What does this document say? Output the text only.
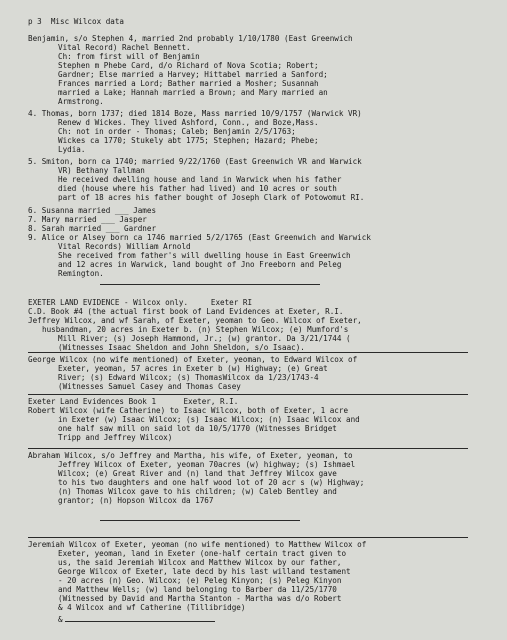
p 3  Misc Wilcox data
Benjamin, s/o Stephen 4, married 2nd probably 1/10/1780 (East Greenwich
Vital Record) Rachel Bennett.
Ch: from first will of Benjamin
Stephen m Phebe Card, d/o Richard of Nova Scotia; Robert;
Gardner; Else married a Harvey; Hittabel married a Sanford;
Frances married a Lord; Bather married a Mosher; Susannah
married a Lake; Hannah married a Brown; and Mary married an
Armstrong.
4. Thomas, born 1737; died 1814 Boze, Mass married 10/9/1757 (Warwick VR)
Renew d Wickes. They lived Ashford, Conn., and Boze,Mass.
Ch: not in order - Thomas; Caleb; Benjamin 2/5/1763;
Wickes ca 1770; Stukely abt 1775; Stephen; Hazard; Phebe;
Lydia.
5. Smiton, born ca 1740; married 9/22/1760 (East Greenwich VR and Warwick
VR) Bethany Tallman
He received dwelling house and land in Warwick when his father
died (house where his father had lived) and 10 acres or south
part of 18 acres his father bought of Joseph Clark of Potowomut RI.
6. Susanna married ___ James
7. Mary married ___ Jasper
8. Sarah married ___ Gardner
9. Alice or Alsey born ca 1746 married 5/2/1765 (East Greenwich and Warwick
Vital Records) William Arnold
She received from father's will dwelling house in East Greenwich
and 12 acres in Warwick, land bought of Jno Freeborn and Peleg
Remington.
EXETER LAND EVIDENCE - Wilcox only.     Exeter RI
C.D. Book #4 (the actual first book of Land Evidences at Exeter, R.I.
Jeffrey Wilcox, and wf Sarah, of Exeter, yeoman to Geo. Wilcox of Exeter,
husbandman, 20 acres in Exeter b. (n) Stephen Wilcox; (e) Mumford's
Mill River; (s) Joseph Hammond, Jr.; (w) grantor. Da 3/21/1744 (
(Witnesses Isaac Sheldon and John Sheldon, s/o Isaac).
George Wilcox (no wife mentioned) of Exeter, yeoman, to Edward Wilcox of
Exeter, yeoman, 57 acres in Exeter b (w) Highway; (e) Great
River; (s) Edward Wilcox; (s) ThomasWilcox da 1/23/1743-4
(Witnesses Samuel Casey and Thomas Casey
Exeter Land Evidences Book 1      Exeter, R.I.
Robert Wilcox (wife Catherine) to Isaac Wilcox, both of Exeter, 1 acre
in Exeter (w) Isaac Wilcox; (s) Isaac Wilcox; (n) Isaac Wilcox and
one half saw mill on said lot da 10/5/1770 (Witnesses Bridget
Tripp and Jeffrey Wilcox)
Abraham Wilcox, s/o Jeffrey and Martha, his wife, of Exeter, yeoman, to
Jeffrey Wilcox of Exeter, yeoman 70acres (w) highway; (s) Ishmael
Wilcox; (e) Great River and (n) land that Jeffrey Wilcox gave
to his two daughters and one half wood lot of 20 acr s (w) Highway;
(n) Thomas Wilcox gave to his children; (w) Caleb Bentley and
grantor; (n) Hopson Wilcox da 1767
Jeremiah Wilcox of Exeter, yeoman (no wife mentioned) to Matthew Wilcox of
Exeter, yeoman, land in Exeter (one-half certain tract given to
us, the said Jeremiah Wilcox and Matthew Wilcox by our father,
George Wilcox of Exeter, late decd by his last willand testament
- 20 acres (n) Geo. Wilcox; (e) Peleg Kinyon; (s) Peleg Kinyon
and Matthew Wells; (w) land belonging to Barber da 11/25/1770
(Witnessed by David and Martha Stanton - Martha was d/o Robert
& 4 Wilcox and wf Catherine (Tillibridge)
&
